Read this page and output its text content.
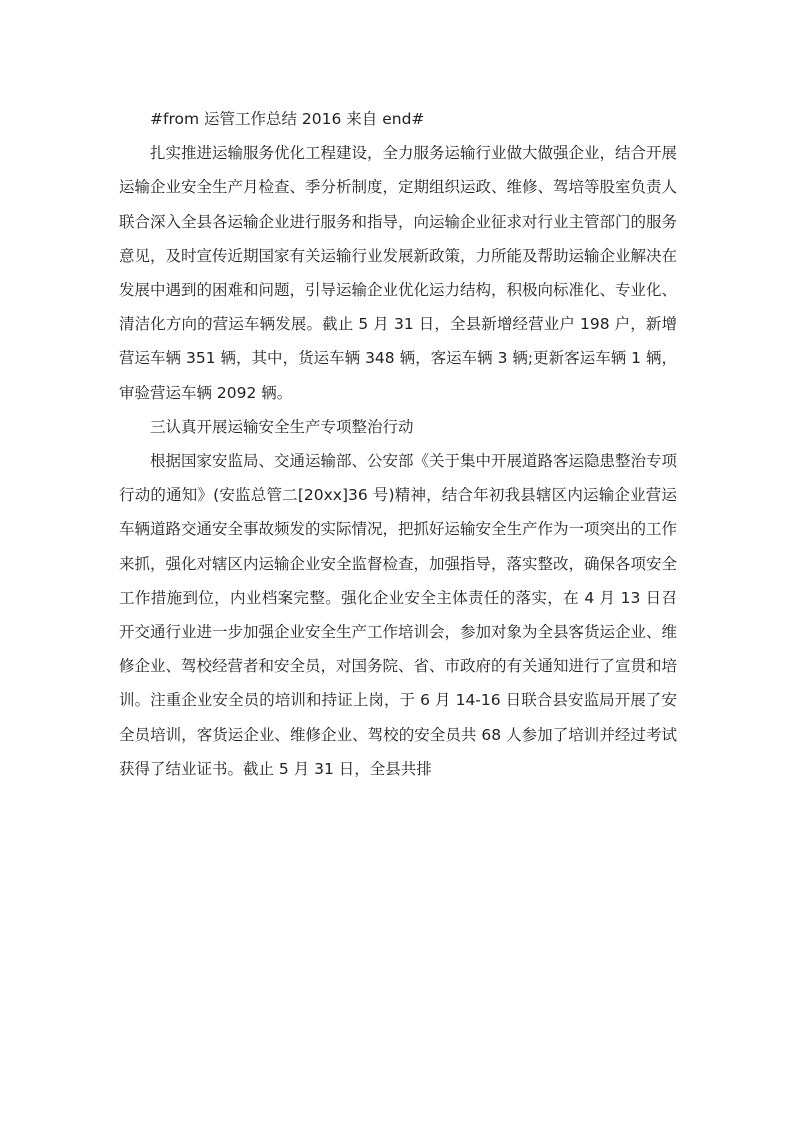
#from 运管工作总结 2016 来自 end#

扎实推进运输服务优化工程建设，全力服务运输行业做大做强企业，结合开展运输企业安全生产月检查、季分析制度，定期组织运政、维修、驾培等股室负责人联合深入全县各运输企业进行服务和指导，向运输企业征求对行业主管部门的服务意见，及时宣传近期国家有关运输行业发展新政策，力所能及帮助运输企业解决在发展中遇到的困难和问题，引导运输企业优化运力结构，积极向标准化、专业化、清洁化方向的营运车辆发展。截止 5 月 31 日，全县新增经营业户 198 户，新增营运车辆 351 辆，其中，货运车辆 348 辆，客运车辆 3 辆;更新客运车辆 1 辆，审验营运车辆 2092 辆。

三认真开展运输安全生产专项整治行动

根据国家安监局、交通运输部、公安部《关于集中开展道路客运隐患整治专项行动的通知》(安监总管二[20xx]36 号)精神，结合年初我县辖区内运输企业营运车辆道路交通安全事故频发的实际情况，把抓好运输安全生产作为一项突出的工作来抓，强化对辖区内运输企业安全监督检查，加强指导，落实整改，确保各项安全工作措施到位，内业档案完整。强化企业安全主体责任的落实，在 4 月 13 日召开交通行业进一步加强企业安全生产工作培训会，参加对象为全县客货运企业、维修企业、驾校经营者和安全员，对国务院、省、市政府的有关通知进行了宣贯和培训。注重企业安全员的培训和持证上岗，于 6 月 14-16 日联合县安监局开展了安全员培训，客货运企业、维修企业、驾校的安全员共 68 人参加了培训并经过考试获得了结业证书。截止 5 月 31 日，全县共排
